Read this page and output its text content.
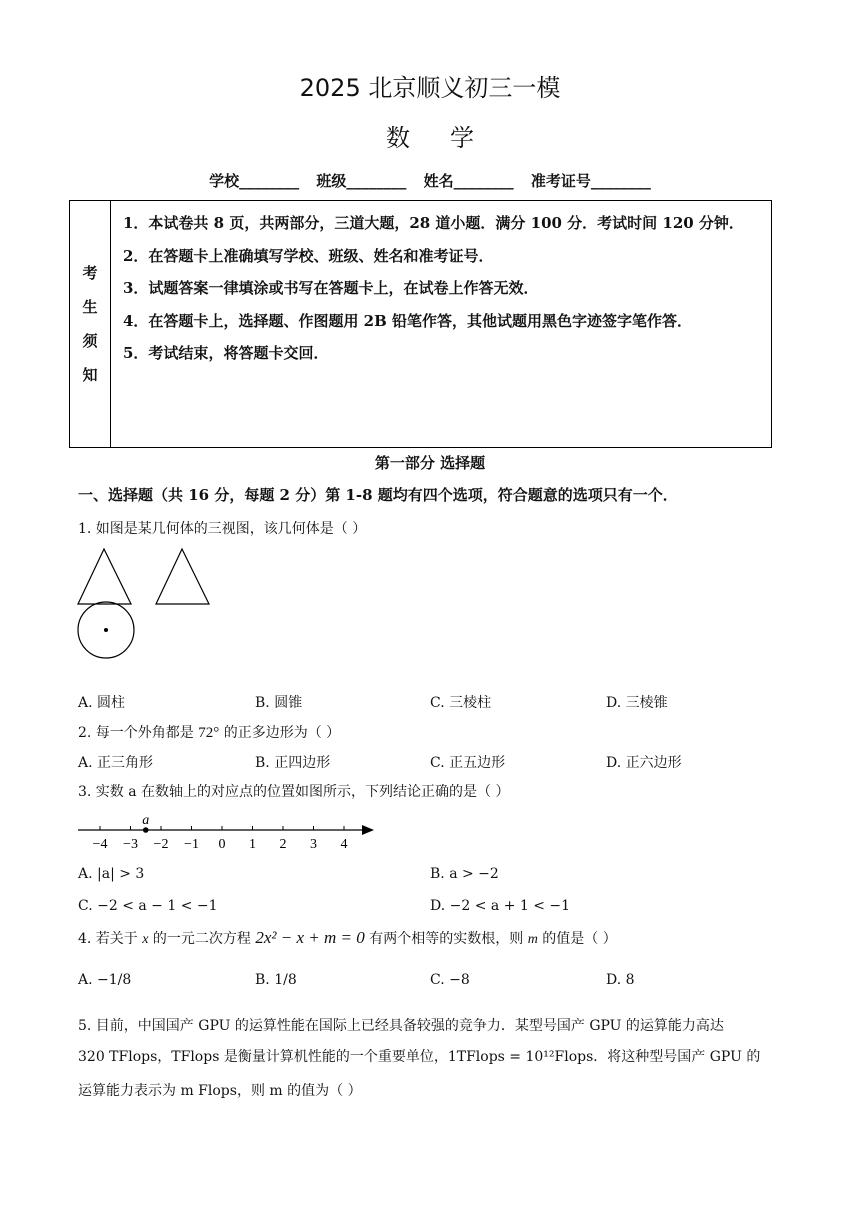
2025 北京顺义初三一模
数学
学校________ 班级________ 姓名________ 准考证号________
考
生
须
知

1．本试卷共 8 页，共两部分，三道大题，28 道小题．满分 100 分．考试时间 120 分钟．

2．在答题卡上准确填写学校、班级、姓名和准考证号．

3．试题答案一律填涂或书写在答题卡上，在试卷上作答无效．

4．在答题卡上，选择题、作图题用 2B 铅笔作答，其他试题用黑色字迹签字笔作答．

5．考试结束，将答题卡交回．

第一部分 选择题
一、选择题（共 16 分，每题 2 分）第 1-8 题均有四个选项，符合题意的选项只有一个．
1. 如图是某几何体的三视图，该几何体是（ ）
A. 圆柱	B. 圆锥	C. 三棱柱	D. 三棱锥
2. 每一个外角都是 72° 的正多边形为（ ）
A. 正三角形	B. 正四边形	C. 正五边形	D. 正六边形
3. 实数 a 在数轴上的对应点的位置如图所示，下列结论正确的是（ ）
−4 −3 −2 −1 0 1 2 3 4
a
A. |a| > 3	B. a > −2
C. −2 < a − 1 < −1	D. −2 < a + 1 < −1
4. 若关于 x 的一元二次方程 2x² − x + m = 0 有两个相等的实数根，则 m 的值是（ ）
A. −1/8	B. 1/8	C. −8	D. 8
5. 目前，中国国产 GPU 的运算性能在国际上已经具备较强的竞争力．某型号国产 GPU 的运算能力高达
320 TFlops，TFlops 是衡量计算机性能的一个重要单位，1TFlops = 10¹²Flops．将这种型号国产 GPU 的
运算能力表示为 m Flops，则 m 的值为（ ）
